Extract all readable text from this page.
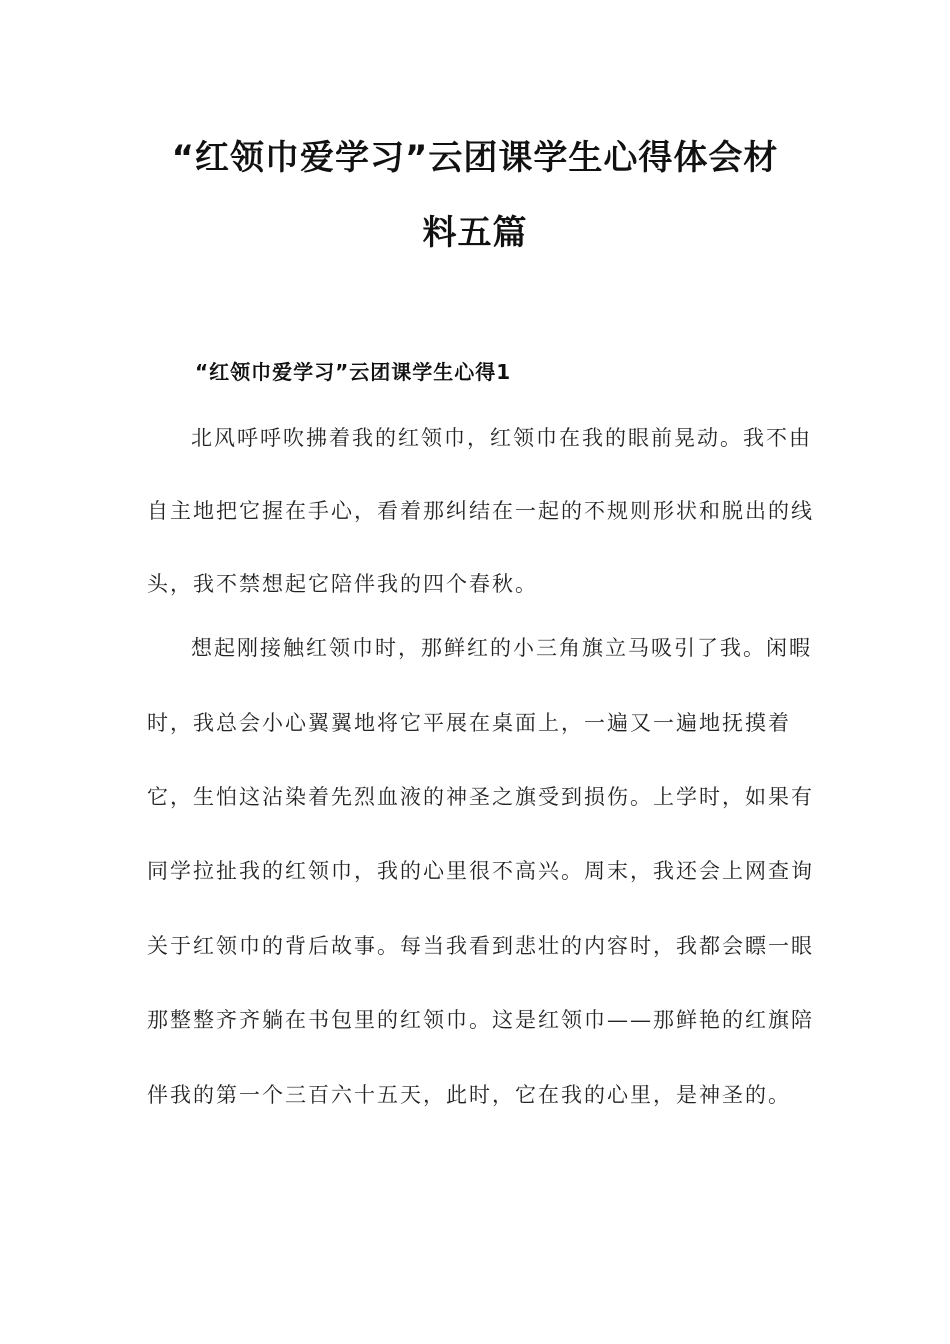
“红领巾爱学习”云团课学生心得体会材
料五篇
“红领巾爱学习”云团课学生心得1
北风呼呼吹拂着我的红领巾，红领巾在我的眼前晃动。我不由
自主地把它握在手心，看着那纠结在一起的不规则形状和脱出的线
头，我不禁想起它陪伴我的四个春秋。
想起刚接触红领巾时，那鲜红的小三角旗立马吸引了我。闲暇
时，我总会小心翼翼地将它平展在桌面上，一遍又一遍地抚摸着
它，生怕这沾染着先烈血液的神圣之旗受到损伤。上学时，如果有
同学拉扯我的红领巾，我的心里很不高兴。周末，我还会上网查询
关于红领巾的背后故事。每当我看到悲壮的内容时，我都会瞟一眼
那整整齐齐躺在书包里的红领巾。这是红领巾——那鲜艳的红旗陪
伴我的第一个三百六十五天，此时，它在我的心里，是神圣的。
